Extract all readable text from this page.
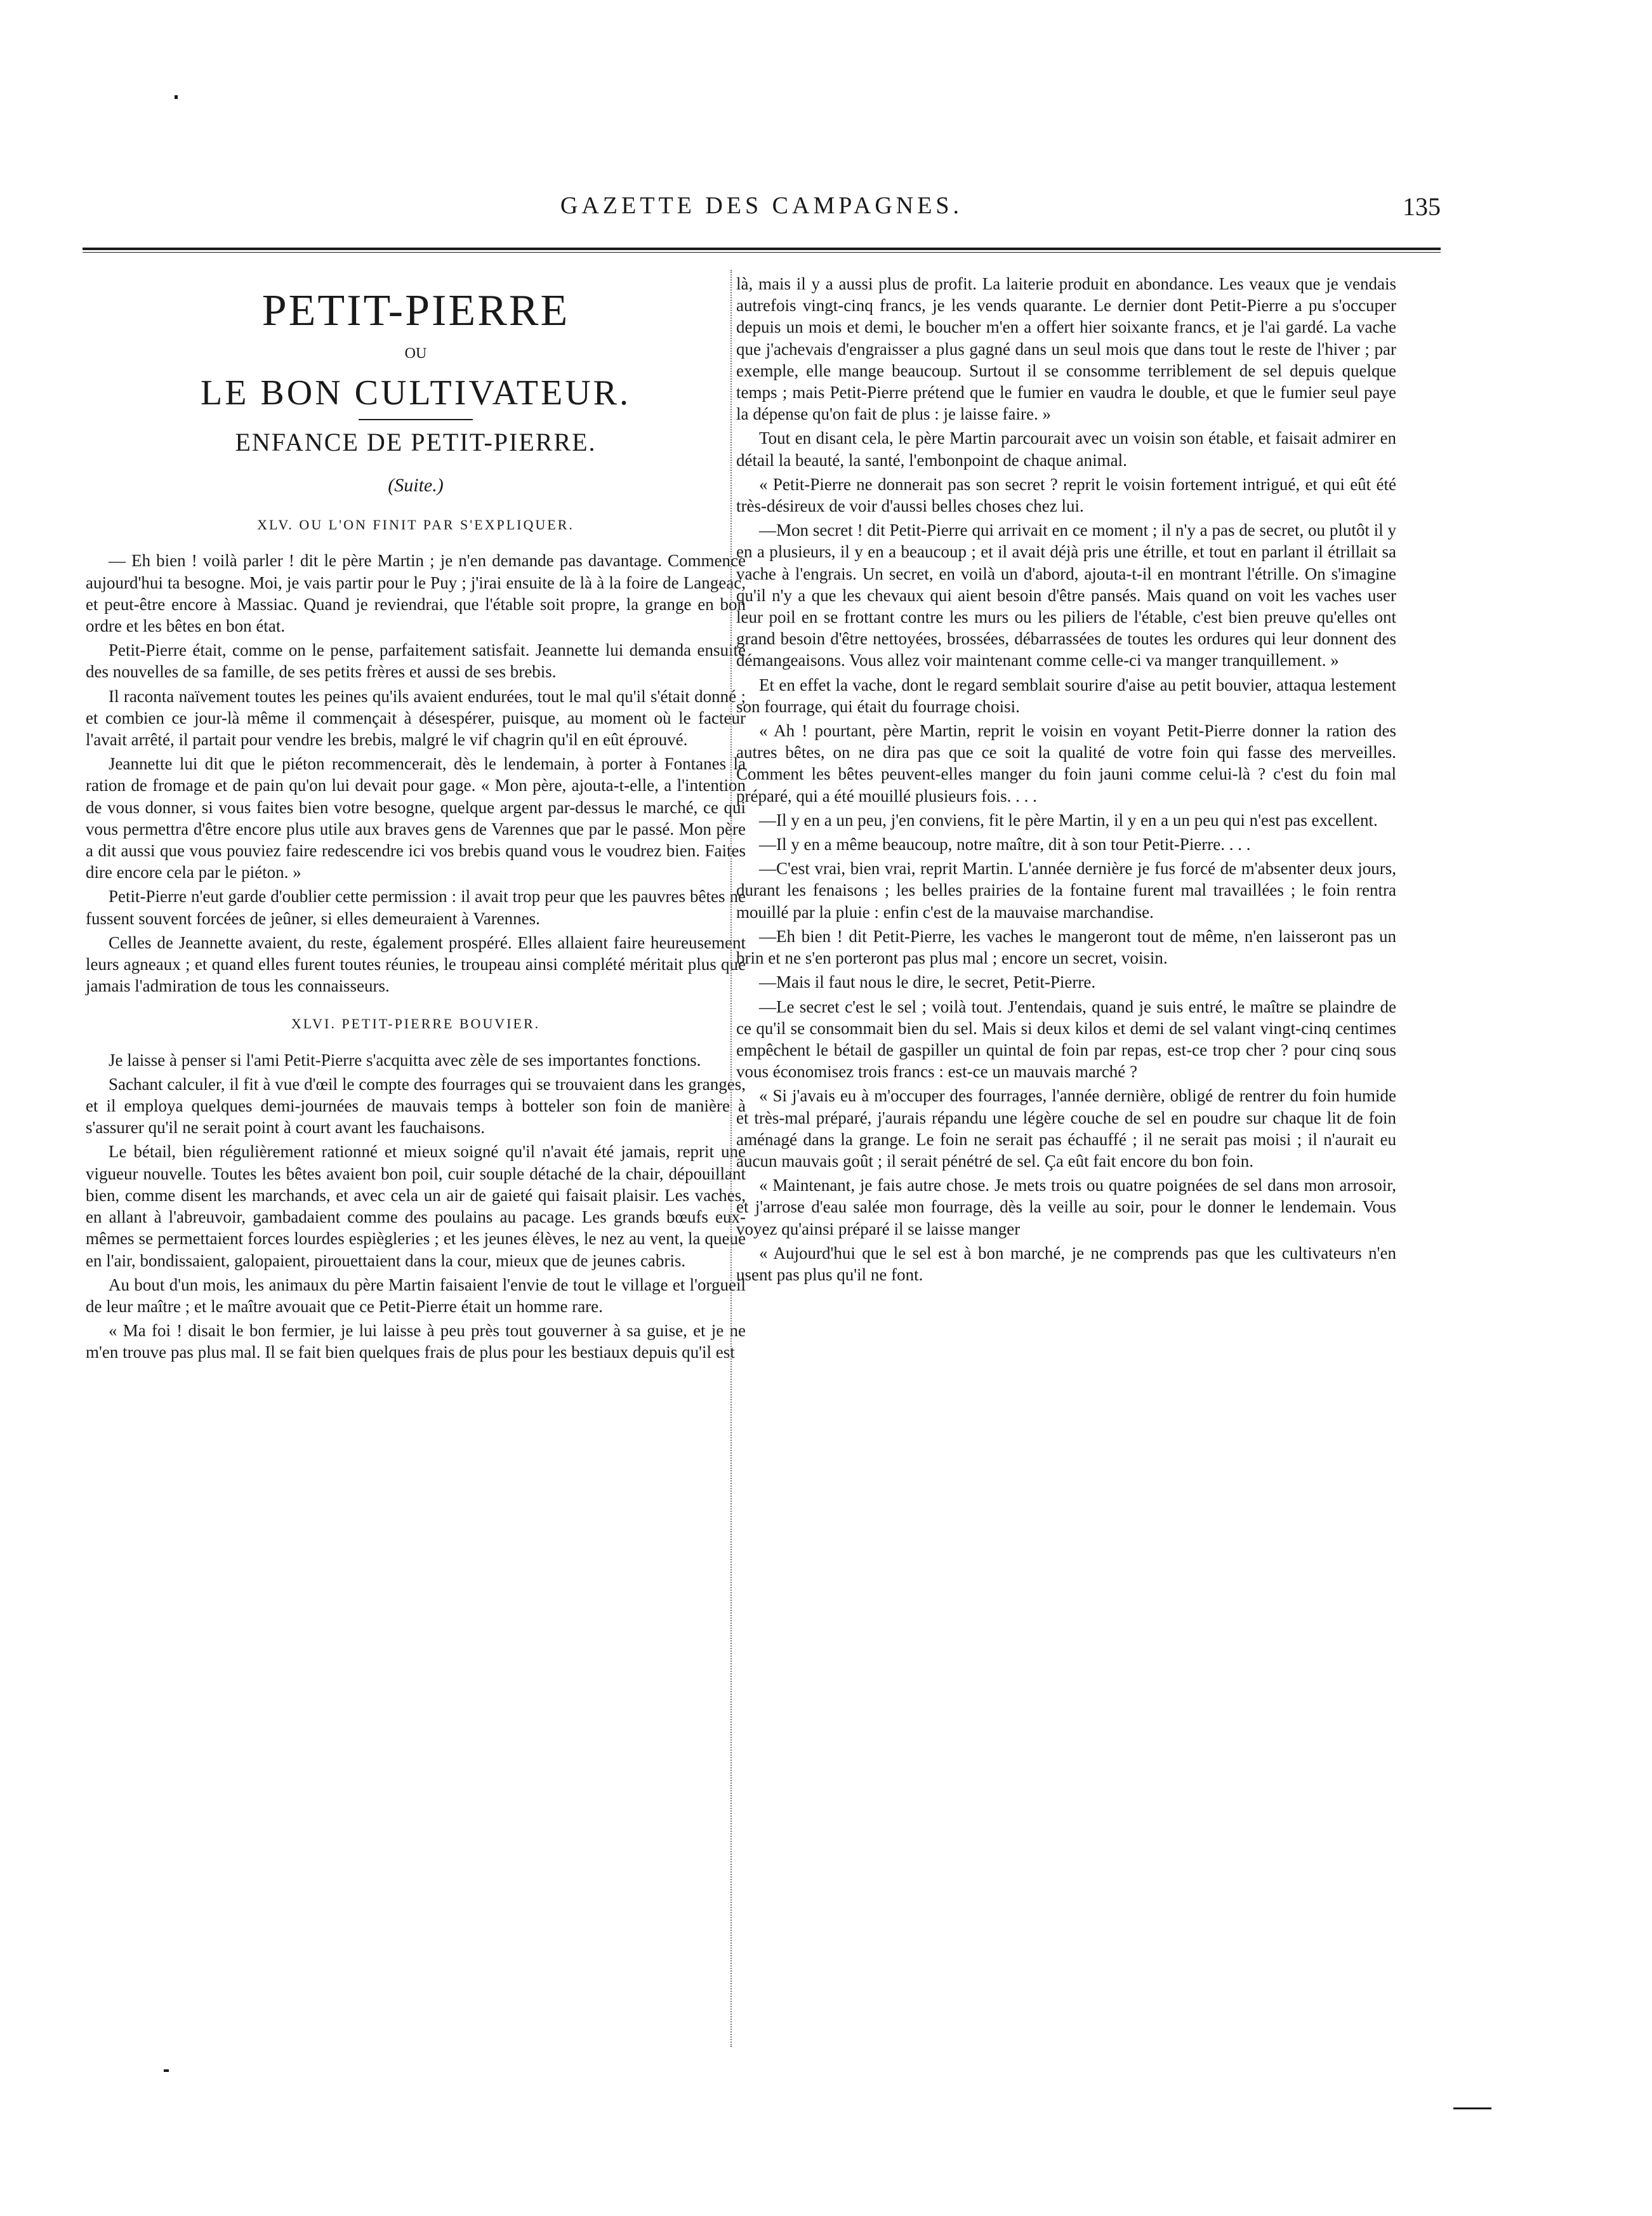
GAZETTE DES CAMPAGNES.	135
PETIT-PIERRE
OU
LE BON CULTIVATEUR.
ENFANCE DE PETIT-PIERRE.
(Suite.)
XLV. OU L'ON FINIT PAR S'EXPLIQUER.

— Eh bien ! voilà parler ! dit le père Martin ; je n'en demande pas davantage. Commence aujourd'hui ta besogne. Moi, je vais partir pour le Puy ; j'irai ensuite de là à la foire de Langeac, et peut-être encore à Massiac. Quand je reviendrai, que l'étable soit propre, la grange en bon ordre et les bêtes en bon état.

Petit-Pierre était, comme on le pense, parfaitement satisfait. Jeannette lui demanda ensuite des nouvelles de sa famille, de ses petits frères et aussi de ses brebis.

Il raconta naïvement toutes les peines qu'ils avaient endurées, tout le mal qu'il s'était donné ; et combien ce jour-là même il commençait à désespérer, puisque, au moment où le facteur l'avait arrêté, il partait pour vendre les brebis, malgré le vif chagrin qu'il en eût éprouvé.

Jeannette lui dit que le piéton recommencerait, dès le lendemain, à porter à Fontanes la ration de fromage et de pain qu'on lui devait pour gage. « Mon père, ajouta-t-elle, a l'intention de vous donner, si vous faites bien votre besogne, quelque argent par-dessus le marché, ce qui vous permettra d'être encore plus utile aux braves gens de Varennes que par le passé. Mon père a dit aussi que vous pouviez faire redescendre ici vos brebis quand vous le voudrez bien. Faites dire encore cela par le piéton. »

Petit-Pierre n'eut garde d'oublier cette permission : il avait trop peur que les pauvres bêtes ne fussent souvent forcées de jeûner, si elles demeuraient à Varennes.

Celles de Jeannette avaient, du reste, également prospéré. Elles allaient faire heureusement leurs agneaux ; et quand elles furent toutes réunies, le troupeau ainsi complété méritait plus que jamais l'admiration de tous les connaisseurs.

XLVI. PETIT-PIERRE BOUVIER.

Je laisse à penser si l'ami Petit-Pierre s'acquitta avec zèle de ses importantes fonctions.

Sachant calculer, il fit à vue d'œil le compte des fourrages qui se trouvaient dans les granges, et il employa quelques demi-journées de mauvais temps à botteler son foin de manière à s'assurer qu'il ne serait point à court avant les fauchaisons.

Le bétail, bien régulièrement rationné et mieux soigné qu'il n'avait été jamais, reprit une vigueur nouvelle. Toutes les bêtes avaient bon poil, cuir souple détaché de la chair, dépouillant bien, comme disent les marchands, et avec cela un air de gaieté qui faisait plaisir. Les vaches, en allant à l'abreuvoir, gambadaient comme des poulains au pacage. Les grands bœufs eux-mêmes se permettaient forces lourdes espiègleries ; et les jeunes élèves, le nez au vent, la queue en l'air, bondissaient, galopaient, pirouettaient dans la cour, mieux que de jeunes cabris.

Au bout d'un mois, les animaux du père Martin faisaient l'envie de tout le village et l'orgueil de leur maître ; et le maître avouait que ce Petit-Pierre était un homme rare.

« Ma foi ! disait le bon fermier, je lui laisse à peu près tout gouverner à sa guise, et je ne m'en trouve pas plus mal. Il se fait bien quelques frais de plus pour les bestiaux depuis qu'il est

là, mais il y a aussi plus de profit. La laiterie produit en abondance. Les veaux que je vendais autrefois vingt-cinq francs, je les vends quarante. Le dernier dont Petit-Pierre a pu s'occuper depuis un mois et demi, le boucher m'en a offert hier soixante francs, et je l'ai gardé. La vache que j'achevais d'engraisser a plus gagné dans un seul mois que dans tout le reste de l'hiver ; par exemple, elle mange beaucoup. Surtout il se consomme terriblement de sel depuis quelque temps ; mais Petit-Pierre prétend que le fumier en vaudra le double, et que le fumier seul paye la dépense qu'on fait de plus : je laisse faire. »

Tout en disant cela, le père Martin parcourait avec un voisin son étable, et faisait admirer en détail la beauté, la santé, l'embonpoint de chaque animal.

« Petit-Pierre ne donnerait pas son secret ? reprit le voisin fortement intrigué, et qui eût été très-désireux de voir d'aussi belles choses chez lui.

—Mon secret ! dit Petit-Pierre qui arrivait en ce moment ; il n'y a pas de secret, ou plutôt il y en a plusieurs, il y en a beaucoup ; et il avait déjà pris une étrille, et tout en parlant il étrillait sa vache à l'engrais. Un secret, en voilà un d'abord, ajouta-t-il en montrant l'étrille. On s'imagine qu'il n'y a que les chevaux qui aient besoin d'être pansés. Mais quand on voit les vaches user leur poil en se frottant contre les murs ou les piliers de l'étable, c'est bien preuve qu'elles ont grand besoin d'être nettoyées, brossées, débarrassées de toutes les ordures qui leur donnent des démangeaisons. Vous allez voir maintenant comme celle-ci va manger tranquillement. »

Et en effet la vache, dont le regard semblait sourire d'aise au petit bouvier, attaqua lestement son fourrage, qui était du fourrage choisi.

« Ah ! pourtant, père Martin, reprit le voisin en voyant Petit-Pierre donner la ration des autres bêtes, on ne dira pas que ce soit la qualité de votre foin qui fasse des merveilles. Comment les bêtes peuvent-elles manger du foin jauni comme celui-là ? c'est du foin mal préparé, qui a été mouillé plusieurs fois. . . .

—Il y en a un peu, j'en conviens, fit le père Martin, il y en a un peu qui n'est pas excellent.

—Il y en a même beaucoup, notre maître, dit à son tour Petit-Pierre. . . .

—C'est vrai, bien vrai, reprit Martin. L'année dernière je fus forcé de m'absenter deux jours, durant les fenaisons ; les belles prairies de la fontaine furent mal travaillées ; le foin rentra mouillé par la pluie : enfin c'est de la mauvaise marchandise.

—Eh bien ! dit Petit-Pierre, les vaches le mangeront tout de même, n'en laisseront pas un brin et ne s'en porteront pas plus mal ; encore un secret, voisin.

—Mais il faut nous le dire, le secret, Petit-Pierre.

—Le secret c'est le sel ; voilà tout. J'entendais, quand je suis entré, le maître se plaindre de ce qu'il se consommait bien du sel. Mais si deux kilos et demi de sel valant vingt-cinq centimes empêchent le bétail de gaspiller un quintal de foin par repas, est-ce trop cher ? pour cinq sous vous économisez trois francs : est-ce un mauvais marché ?

« Si j'avais eu à m'occuper des fourrages, l'année dernière, obligé de rentrer du foin humide et très-mal préparé, j'aurais répandu une légère couche de sel en poudre sur chaque lit de foin aménagé dans la grange. Le foin ne serait pas échauffé ; il ne serait pas moisi ; il n'aurait eu aucun mauvais goût ; il serait pénétré de sel. Ça eût fait encore du bon foin.

« Maintenant, je fais autre chose. Je mets trois ou quatre poignées de sel dans mon arrosoir, et j'arrose d'eau salée mon fourrage, dès la veille au soir, pour le donner le lendemain. Vous voyez qu'ainsi préparé il se laisse manger

« Aujourd'hui que le sel est à bon marché, je ne comprends pas que les cultivateurs n'en usent pas plus qu'il ne font.
